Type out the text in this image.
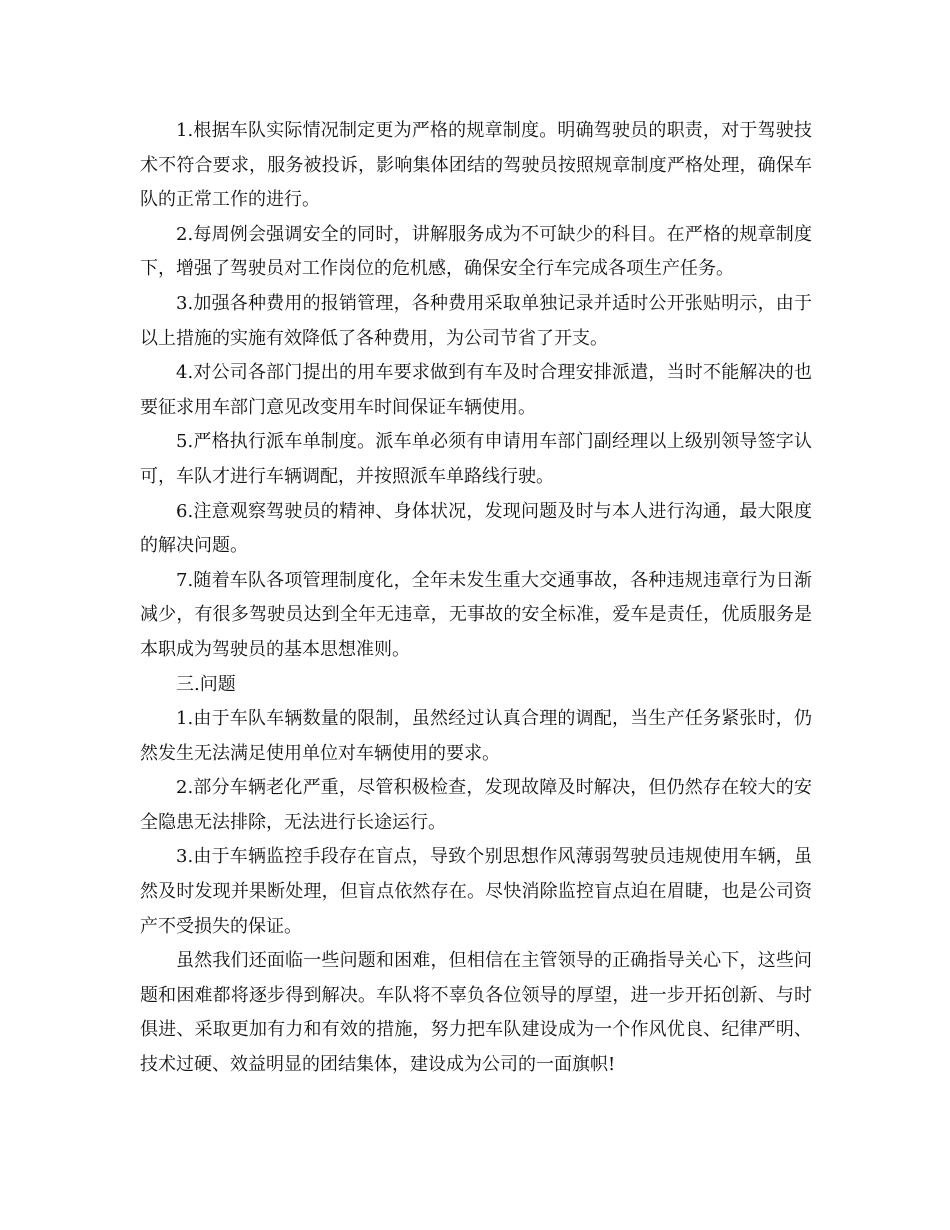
1.根据车队实际情况制定更为严格的规章制度。明确驾驶员的职责，对于驾驶技术不符合要求，服务被投诉，影响集体团结的驾驶员按照规章制度严格处理，确保车队的正常工作的进行。

2.每周例会强调安全的同时，讲解服务成为不可缺少的科目。在严格的规章制度下，增强了驾驶员对工作岗位的危机感，确保安全行车完成各项生产任务。

3.加强各种费用的报销管理，各种费用采取单独记录并适时公开张贴明示，由于以上措施的实施有效降低了各种费用，为公司节省了开支。

4.对公司各部门提出的用车要求做到有车及时合理安排派遣，当时不能解决的也要征求用车部门意见改变用车时间保证车辆使用。

5.严格执行派车单制度。派车单必须有申请用车部门副经理以上级别领导签字认可，车队才进行车辆调配，并按照派车单路线行驶。

6.注意观察驾驶员的精神、身体状况，发现问题及时与本人进行沟通，最大限度的解决问题。

7.随着车队各项管理制度化，全年未发生重大交通事故，各种违规违章行为日渐减少，有很多驾驶员达到全年无违章，无事故的安全标准，爱车是责任，优质服务是本职成为驾驶员的基本思想准则。

三.问题

1.由于车队车辆数量的限制，虽然经过认真合理的调配，当生产任务紧张时，仍然发生无法满足使用单位对车辆使用的要求。

2.部分车辆老化严重，尽管积极检查，发现故障及时解决，但仍然存在较大的安全隐患无法排除，无法进行长途运行。

3.由于车辆监控手段存在盲点，导致个别思想作风薄弱驾驶员违规使用车辆，虽然及时发现并果断处理，但盲点依然存在。尽快消除监控盲点迫在眉睫，也是公司资产不受损失的保证。

虽然我们还面临一些问题和困难，但相信在主管领导的正确指导关心下，这些问题和困难都将逐步得到解决。车队将不辜负各位领导的厚望，进一步开拓创新、与时俱进、采取更加有力和有效的措施，努力把车队建设成为一个作风优良、纪律严明、技术过硬、效益明显的团结集体，建设成为公司的一面旗帜!
